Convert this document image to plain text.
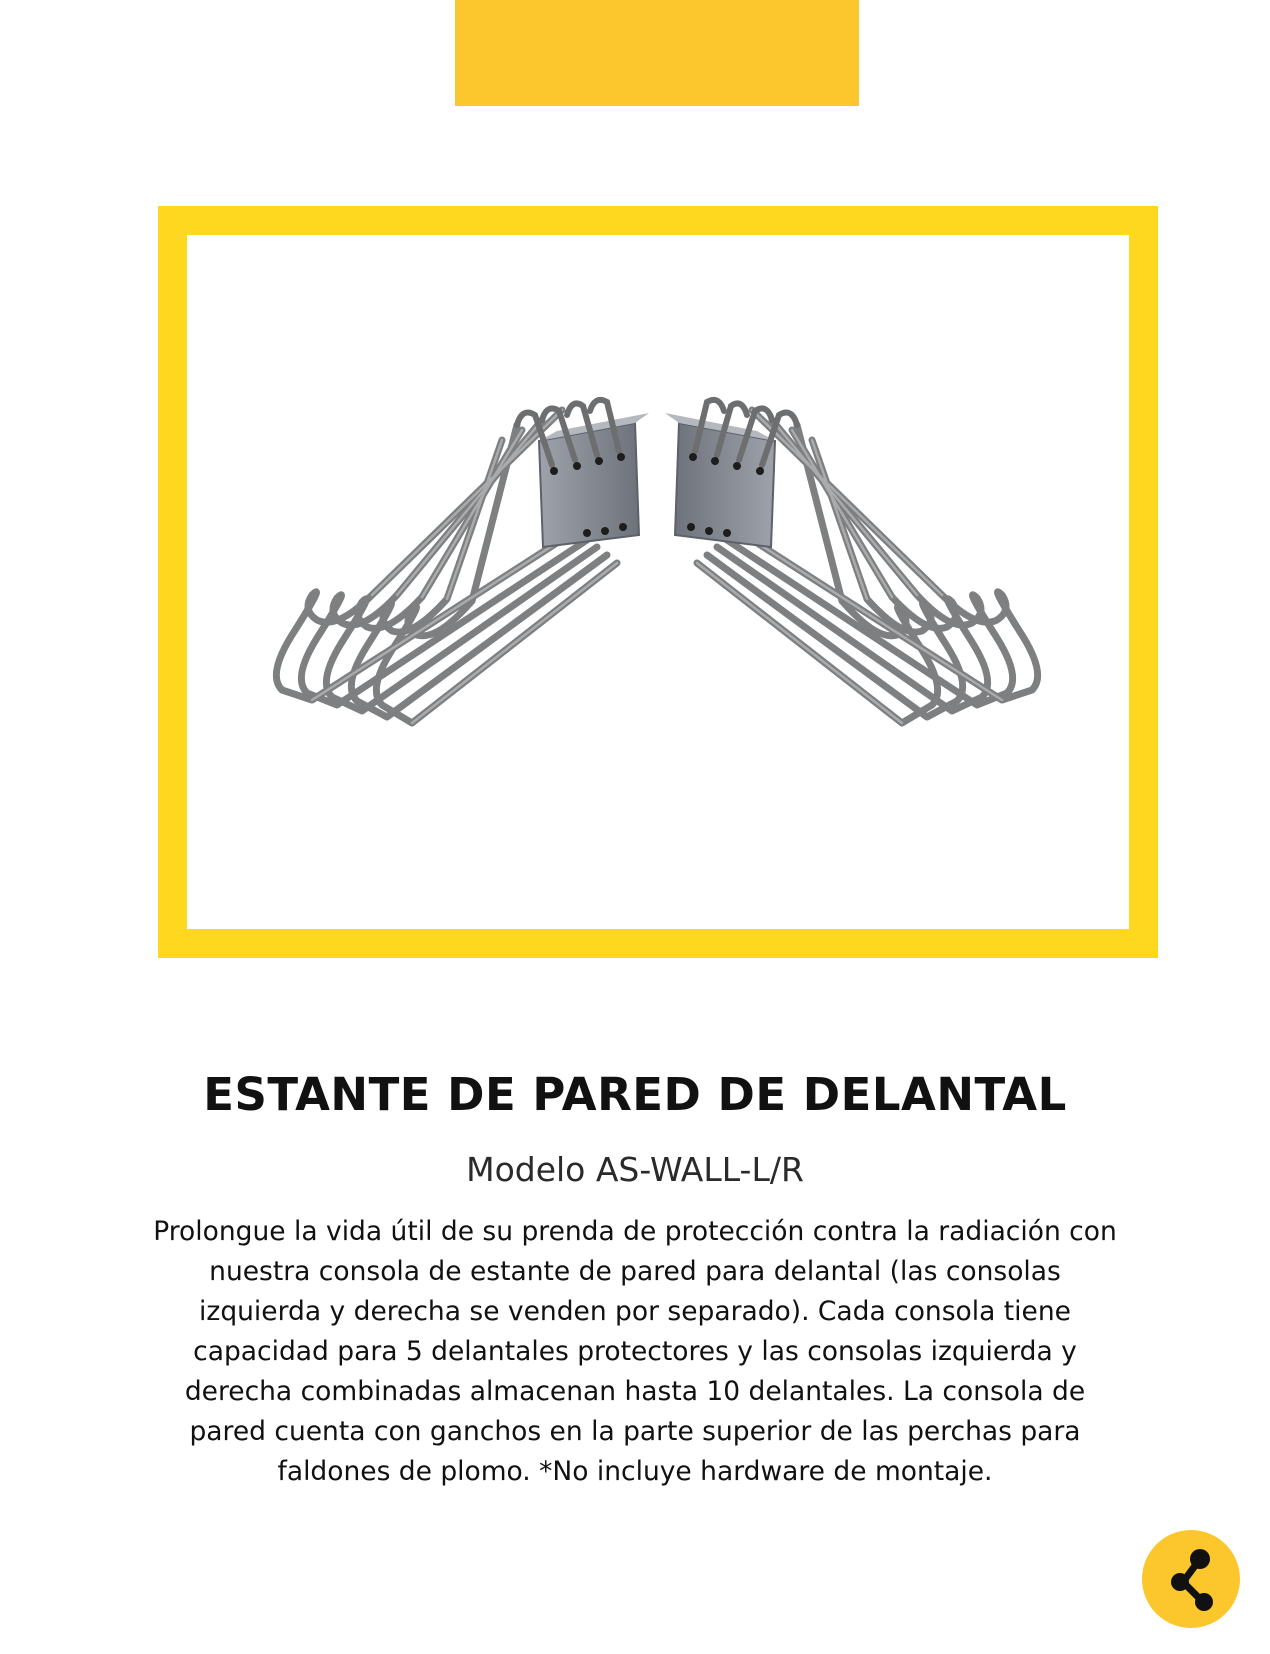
ESTANTE DE PARED DE DELANTAL
Modelo AS-WALL-L/R

Prolongue la vida útil de su prenda de protección contra la radiación con nuestra consola de estante de pared para delantal (las consolas izquierda y derecha se venden por separado). Cada consola tiene capacidad para 5 delantales protectores y las consolas izquierda y derecha combinadas almacenan hasta 10 delantales. La consola de pared cuenta con ganchos en la parte superior de las perchas para faldones de plomo. *No incluye hardware de montaje.
